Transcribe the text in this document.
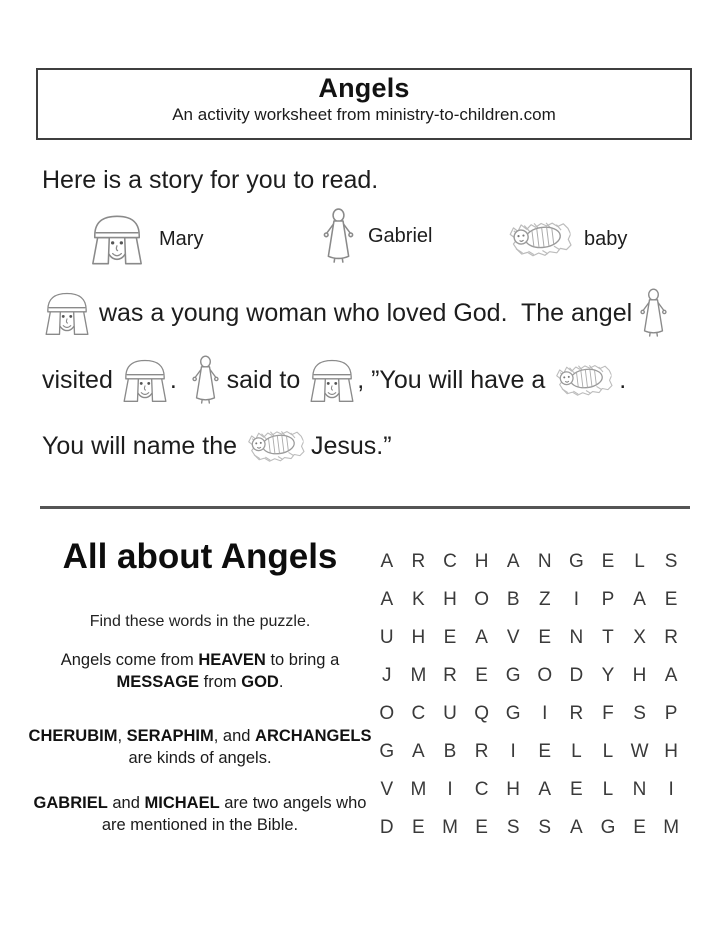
Angels
An activity worksheet from ministry-to-children.com
Here is a story for you to read.
Mary	Gabriel	baby
was a young woman who loved God.  The angel
visited . said to , ”You will have a .
You will name the Jesus.”
All about Angels
Find these words in the puzzle.

Angels come from HEAVEN to bring a MESSAGE from GOD.

CHERUBIM, SERAPHIM, and ARCHANGELS are kinds of angels.

GABRIEL and MICHAEL are two angels who are mentioned in the Bible.

A R C H A N G E	L	S
A K H O B	Z	I	P A E
U H E A V E N T	X R
J M R E G O D Y H A
O C U Q G	I	R F	S P
G A B R	I	E	L	L W H
V M	I	C H A E	L	N	I
D E M E S S A G E M
